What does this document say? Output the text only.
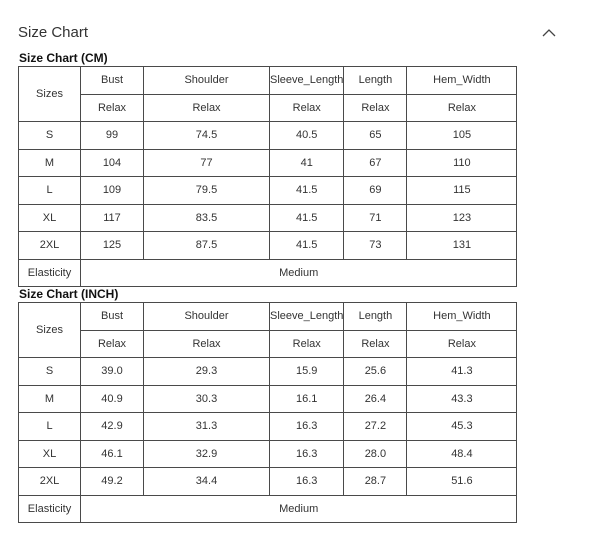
Size Chart
Size Chart (CM)
Sizes	Bust	Shoulder	Sleeve_Length	Length	Hem_Width
	Relax	Relax	Relax	Relax	Relax
S	99	74.5	40.5	65	105
M	104	77	41	67	110
L	109	79.5	41.5	69	115
XL	117	83.5	41.5	71	123
2XL	125	87.5	41.5	73	131
Elasticity	Medium				
Size Chart (INCH)
Sizes	Bust	Shoulder	Sleeve_Length	Length	Hem_Width
	Relax	Relax	Relax	Relax	Relax
S	39.0	29.3	15.9	25.6	41.3
M	40.9	30.3	16.1	26.4	43.3
L	42.9	31.3	16.3	27.2	45.3
XL	46.1	32.9	16.3	28.0	48.4
2XL	49.2	34.4	16.3	28.7	51.6
Elasticity	Medium				
